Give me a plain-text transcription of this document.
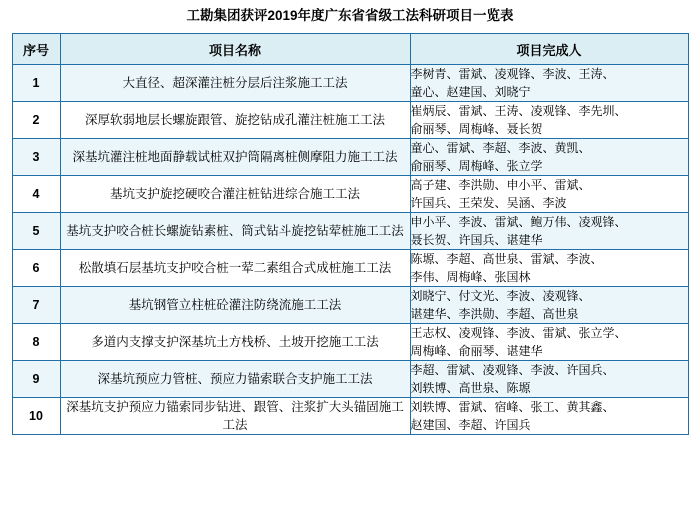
工勘集团获评2019年度广东省省级工法科研项目一览表
序号	项目名称	项目完成人
1	大直径、超深灌注桩分层后注浆施工工法	李树青、雷斌、凌观锋、李波、王涛、
童心、赵建国、刘晓宁

2	深厚软弱地层长螺旋跟管、旋挖钻成孔灌注桩施工工法	崔炳辰、雷斌、王涛、凌观锋、李先圳、
俞丽琴、周梅峰、聂长贺

3	深基坑灌注桩地面静载试桩双护筒隔离桩侧摩阻力施工工法	童心、雷斌、李超、李波、黄凯、
俞丽琴、周梅峰、张立学

4	基坑支护旋挖硬咬合灌注桩钻进综合施工工法	高子建、李洪勋、申小平、雷斌、
许国兵、王荣发、吴涵、李波

5	基坑支护咬合桩长螺旋钻素桩、筒式钻斗旋挖钻荤桩施工工法	申小平、李波、雷斌、鲍万伟、凌观锋、
聂长贺、许国兵、谌建华

6	松散填石层基坑支护咬合桩一荤二素组合式成桩施工工法	陈塬、李超、高世泉、雷斌、李波、
李伟、周梅峰、张国林

7	基坑钢管立柱桩砼灌注防绕流施工工法	刘晓宁、付文光、李波、凌观锋、
谌建华、李洪勋、李超、高世泉

8	多道内支撑支护深基坑土方栈桥、土坡开挖施工工法	王志权、凌观锋、李波、雷斌、张立学、
周梅峰、俞丽琴、谌建华

9	深基坑预应力管桩、预应力锚索联合支护施工工法	李超、雷斌、凌观锋、李波、许国兵、
刘轶博、高世泉、陈塬

10	深基坑支护预应力锚索同步钻进、跟管、注浆扩大头锚固施工工法	刘轶博、雷斌、宿峰、张工、黄其鑫、
赵建国、李超、许国兵
